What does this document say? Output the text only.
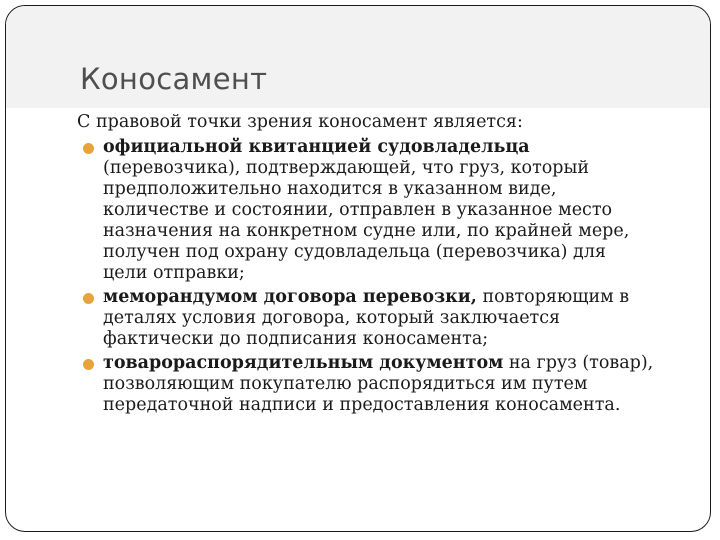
Коносамент

С правовой точки зрения коносамент является:

официальной квитанцией судовладельца
(перевозчика), подтверждающей, что груз, который
предположительно находится в указанном виде,
количестве и состоянии, отправлен в указанное место
назначения на конкретном судне или, по крайней мере,
получен под охрану судовладельца (перевозчика) для
цели отправки;
меморандумом договора перевозки, повторяющим в
деталях условия договора, который заключается
фактически до подписания коносамента;
товарораспорядительным документом на груз (товар),
позволяющим покупателю распорядиться им путем
передаточной надписи и предоставления коносамента.
